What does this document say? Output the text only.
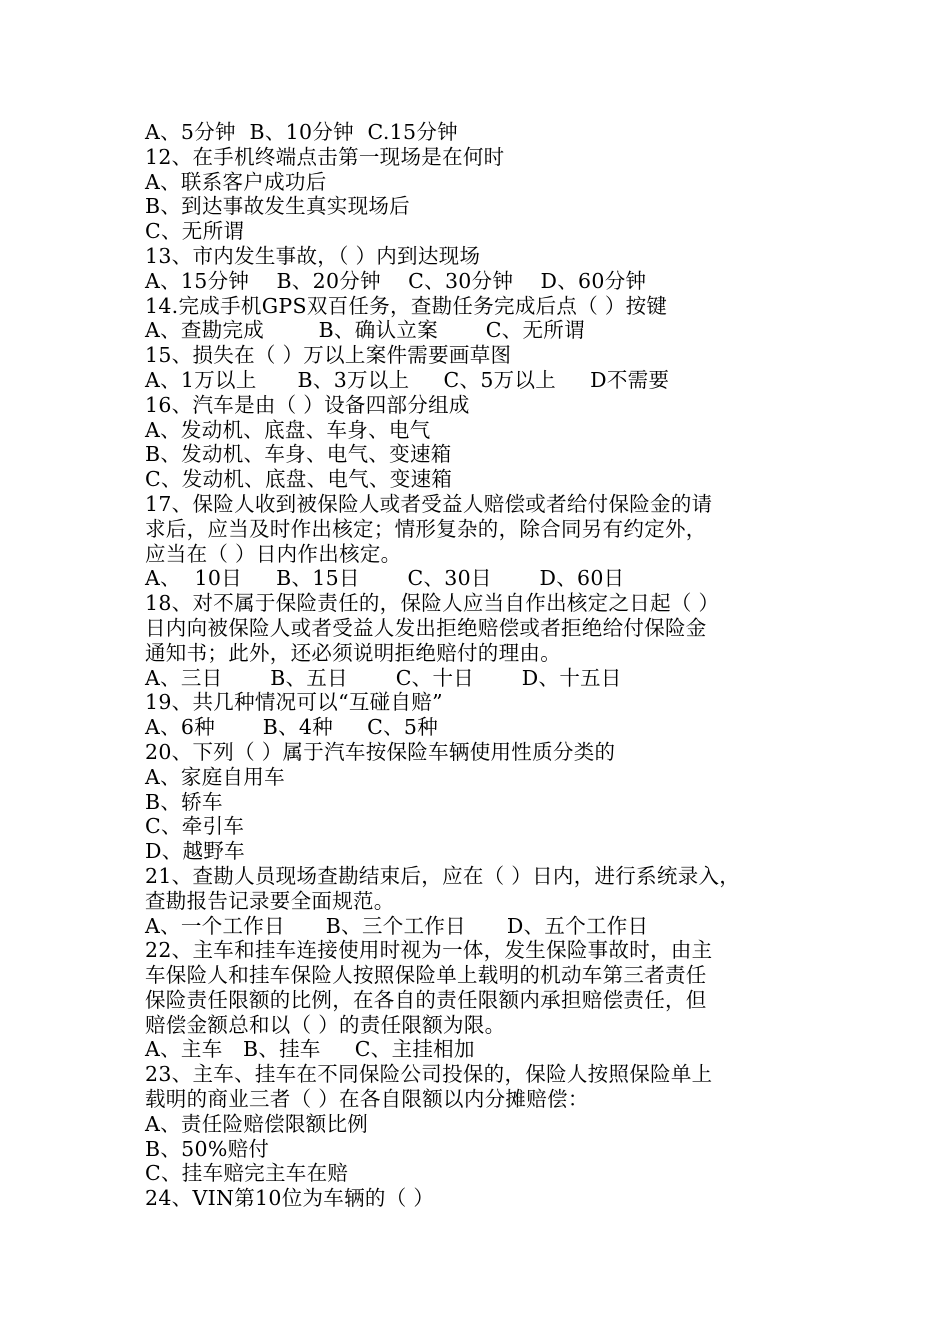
A、5分钟  B、10分钟  C.15分钟
12、在手机终端点击第一现场是在何时
A、联系客户成功后
B、到达事故发生真实现场后
C、无所谓
13、市内发生事故，（ ）内到达现场
A、15分钟    B、20分钟    C、30分钟    D、60分钟
14.完成手机GPS双百任务，查勘任务完成后点（ ）按键
A、查勘完成        B、确认立案       C、无所谓
15、损失在（ ）万以上案件需要画草图
A、1万以上      B、3万以上     C、5万以上     D不需要
16、汽车是由（ ）设备四部分组成
A、发动机、底盘、车身、电气
B、发动机、车身、电气、变速箱
C、发动机、底盘、电气、变速箱
17、保险人收到被保险人或者受益人赔偿或者给付保险金的请
求后，应当及时作出核定；情形复杂的，除合同另有约定外，
应当在（ ）日内作出核定。
A、  10日     B、15日       C、30日       D、60日
18、对不属于保险责任的，保险人应当自作出核定之日起（ ）
日内向被保险人或者受益人发出拒绝赔偿或者拒绝给付保险金
通知书；此外，还必须说明拒绝赔付的理由。
A、三日       B、五日       C、十日       D、十五日
19、共几种情况可以“互碰自赔”
A、6种       B、4种     C、5种
20、下列（ ）属于汽车按保险车辆使用性质分类的
A、家庭自用车
B、轿车
C、牵引车
D、越野车
21、查勘人员现场查勘结束后，应在（ ）日内，进行系统录入，
查勘报告记录要全面规范。
A、一个工作日      B、三个工作日      D、五个工作日
22、主车和挂车连接使用时视为一体，发生保险事故时，由主
车保险人和挂车保险人按照保险单上载明的机动车第三者责任
保险责任限额的比例，在各自的责任限额内承担赔偿责任，但
赔偿金额总和以（ ）的责任限额为限。
A、主车   B、挂车     C、主挂相加
23、主车、挂车在不同保险公司投保的，保险人按照保险单上
载明的商业三者（ ）在各自限额以内分摊赔偿：
A、责任险赔偿限额比例
B、50%赔付
C、挂车赔完主车在赔
24、VIN第10位为车辆的（ ）
